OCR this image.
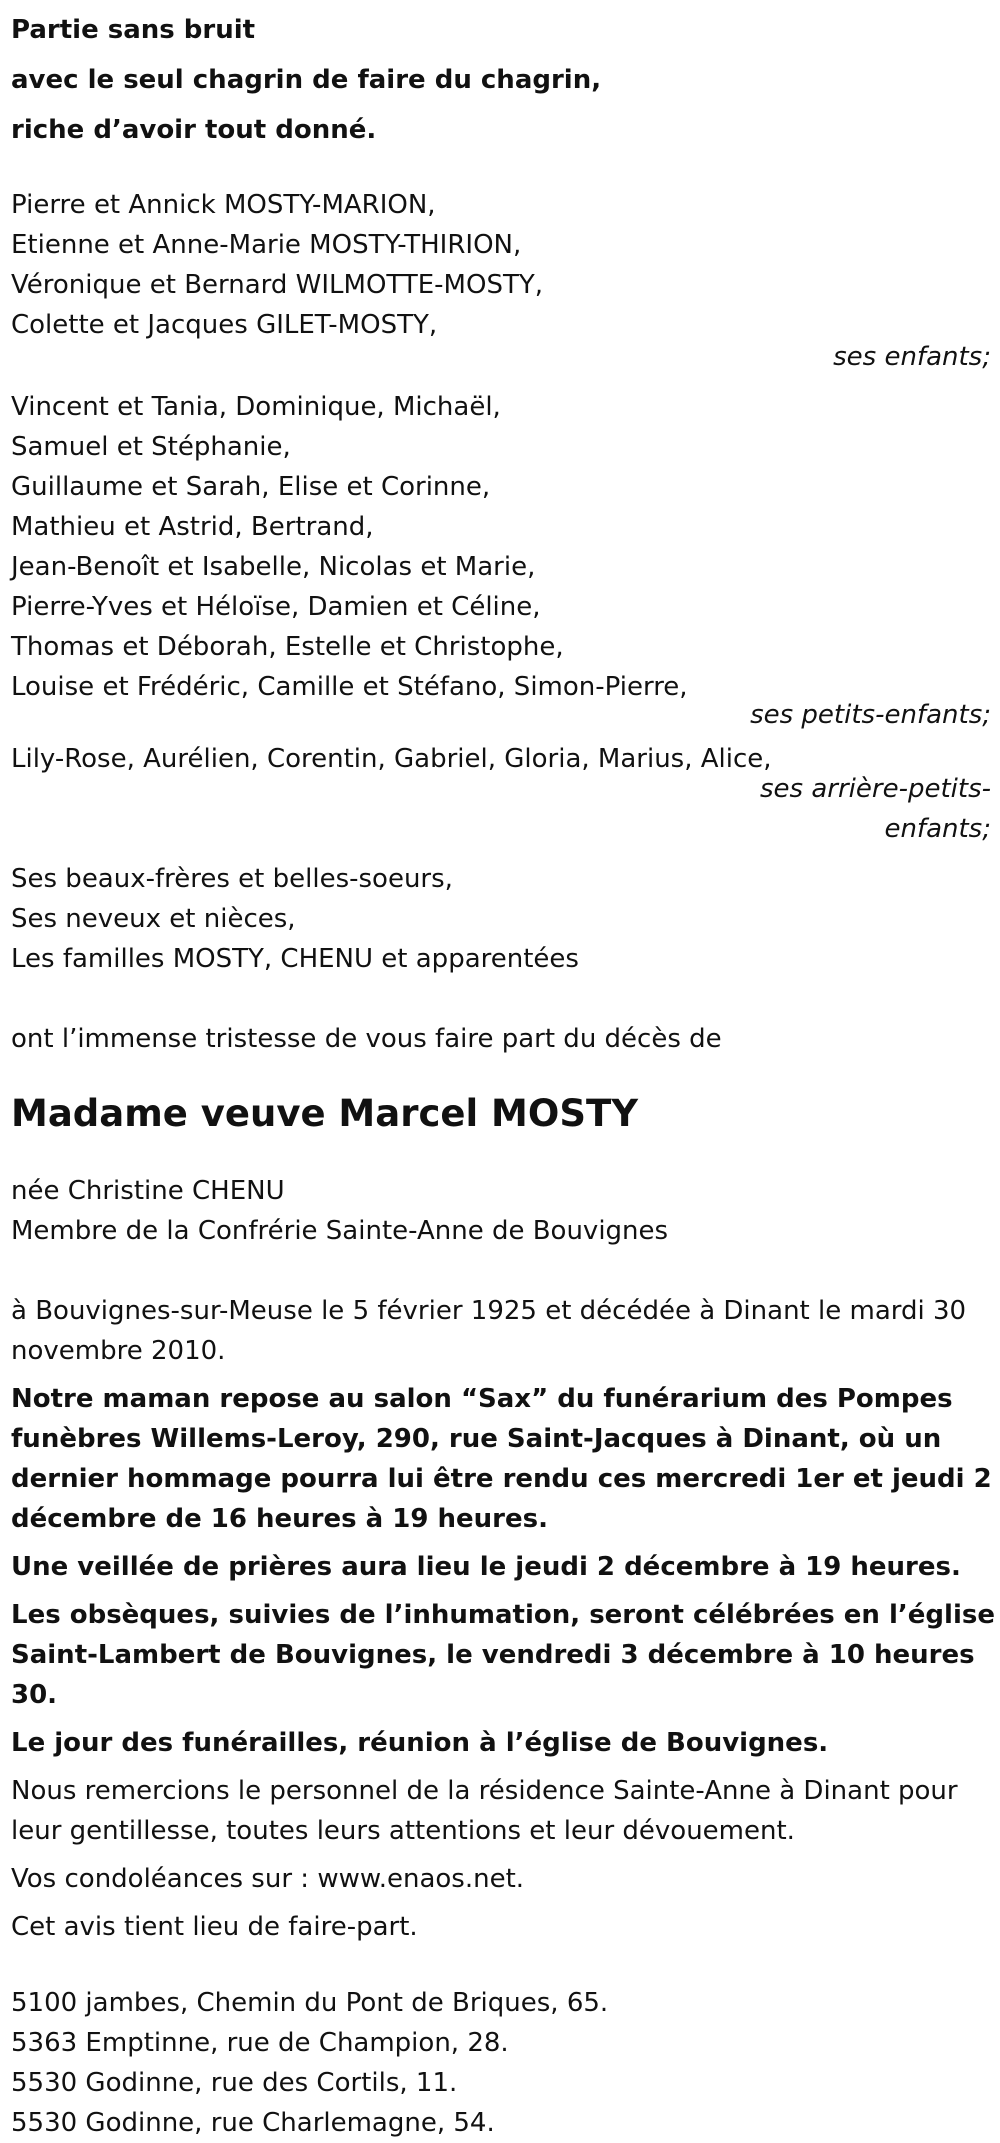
Partie sans bruit
avec le seul chagrin de faire du chagrin,
riche d’avoir tout donné.
Pierre et Annick MOSTY-MARION,
Etienne et Anne-Marie MOSTY-THIRION,
Véronique et Bernard WILMOTTE-MOSTY,
Colette et Jacques GILET-MOSTY,
ses enfants;
Vincent et Tania, Dominique, Michaël,
Samuel et Stéphanie,
Guillaume et Sarah, Elise et Corinne,
Mathieu et Astrid, Bertrand,
Jean-Benoît et Isabelle, Nicolas et Marie,
Pierre-Yves et Héloïse, Damien et Céline,
Thomas et Déborah, Estelle et Christophe,
Louise et Frédéric, Camille et Stéfano, Simon-Pierre,
ses petits-enfants;
Lily-Rose, Aurélien, Corentin, Gabriel, Gloria, Marius, Alice,
ses arrière-petits-
enfants;
Ses beaux-frères et belles-soeurs,
Ses neveux et nièces,
Les familles MOSTY, CHENU et apparentées
ont l’immense tristesse de vous faire part du décès de
Madame veuve Marcel MOSTY
née Christine CHENU
Membre de la Confrérie Sainte-Anne de Bouvignes

à Bouvignes-sur-Meuse le 5 février 1925 et décédée à Dinant le mardi 30 novembre 2010.

Notre maman repose au salon “Sax” du funérarium des Pompes funèbres Willems-Leroy, 290, rue Saint-Jacques à Dinant, où un dernier hommage pourra lui être rendu ces mercredi 1er et jeudi 2 décembre de 16 heures à 19 heures.

Une veillée de prières aura lieu le jeudi 2 décembre à 19 heures.

Les obsèques, suivies de l’inhumation, seront célébrées en l’église Saint-Lambert de Bouvignes, le vendredi 3 décembre à 10 heures 30.

Le jour des funérailles, réunion à l’église de Bouvignes.

Nous remercions le personnel de la résidence Sainte-Anne à Dinant pour leur gentillesse, toutes leurs attentions et leur dévouement.

Vos condoléances sur : www.enaos.net.

Cet avis tient lieu de faire-part.

5100 jambes, Chemin du Pont de Briques, 65.
5363 Emptinne, rue de Champion, 28.
5530 Godinne, rue des Cortils, 11.
5530 Godinne, rue Charlemagne, 54.
